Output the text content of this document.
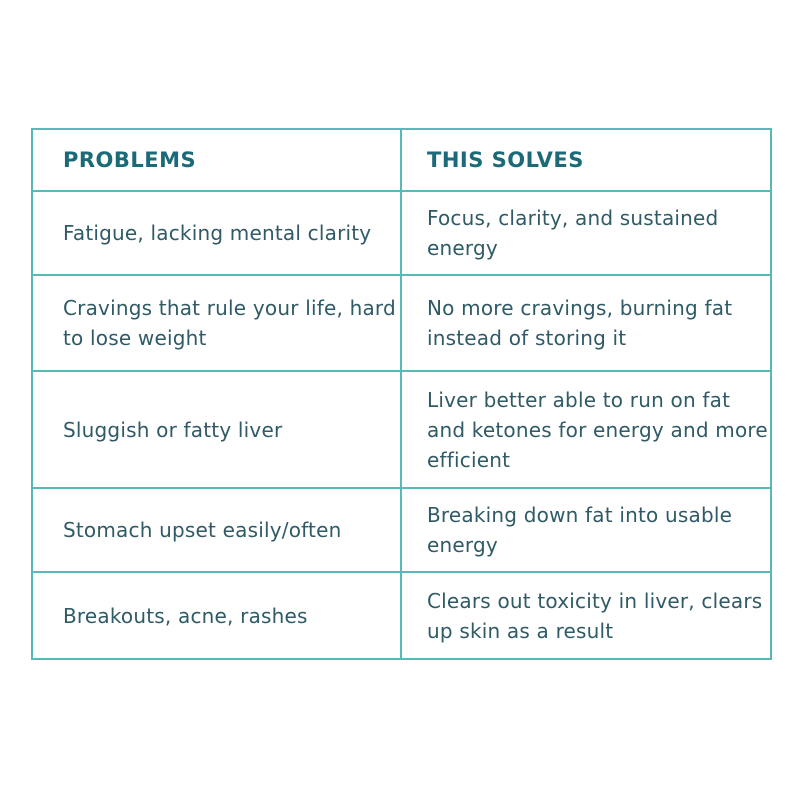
PROBLEMS	THIS SOLVES
Fatigue, lacking mental clarity	Focus, clarity, and sustained energy
Cravings that rule your life, hard to lose weight	No more cravings, burning fat instead of storing it
Sluggish or fatty liver	Liver better able to run on fat and ketones for energy and more efficient
Stomach upset easily/often	Breaking down fat into usable energy
Breakouts, acne, rashes	Clears out toxicity in liver, clears up skin as a result
